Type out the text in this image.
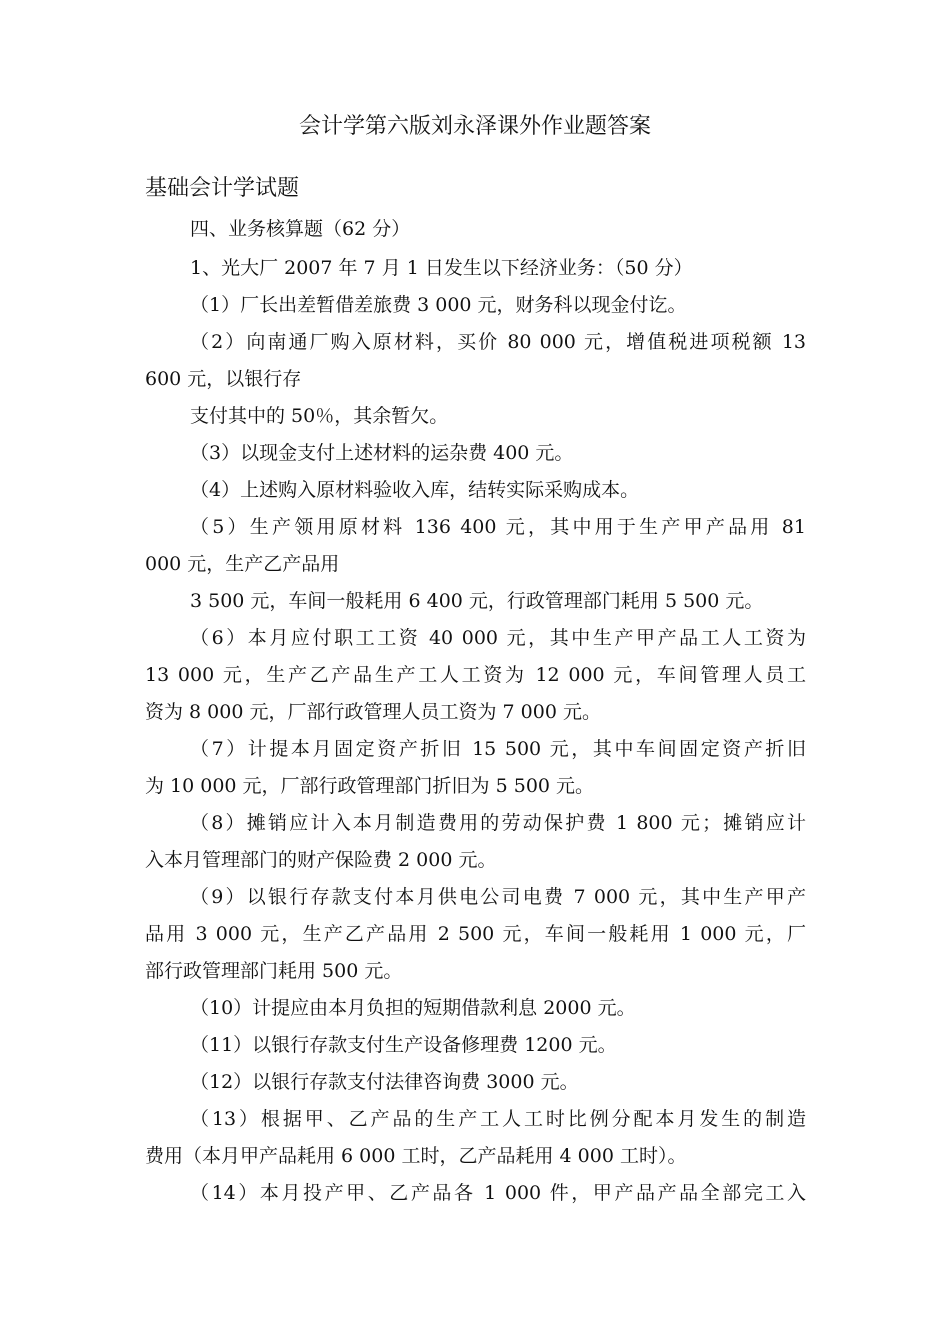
会计学第六版刘永泽课外作业题答案
基础会计学试题
四、业务核算题（62 分）
1、光大厂 2007 年 7 月 1 日发生以下经济业务：（50 分）
（1）厂长出差暂借差旅费 3 000 元，财务科以现金付讫。
（2）向南通厂购入原材料，买价 80 000 元，增值税进项税额 13
600 元，以银行存
支付其中的 50％，其余暂欠。
（3）以现金支付上述材料的运杂费 400 元。
（4）上述购入原材料验收入库，结转实际采购成本。
（5）生产领用原材料 136 400 元，其中用于生产甲产品用 81
000 元，生产乙产品用
3 500 元，车间一般耗用 6 400 元，行政管理部门耗用 5 500 元。
（6）本月应付职工工资 40 000 元，其中生产甲产品工人工资为
13 000 元，生产乙产品生产工人工资为 12 000 元，车间管理人员工
资为 8 000 元，厂部行政管理人员工资为 7 000 元。
（7）计提本月固定资产折旧 15 500 元，其中车间固定资产折旧
为 10 000 元，厂部行政管理部门折旧为 5 500 元。
（8）摊销应计入本月制造费用的劳动保护费 1 800 元；摊销应计
入本月管理部门的财产保险费 2 000 元。
（9）以银行存款支付本月供电公司电费 7 000 元，其中生产甲产
品用 3 000 元，生产乙产品用 2 500 元，车间一般耗用 1 000 元，厂
部行政管理部门耗用 500 元。
（10）计提应由本月负担的短期借款利息 2000 元。
（11）以银行存款支付生产设备修理费 1200 元。
（12）以银行存款支付法律咨询费 3000 元。
（13）根据甲、乙产品的生产工人工时比例分配本月发生的制造
费用（本月甲产品耗用 6 000 工时，乙产品耗用 4 000 工时）。
（14）本月投产甲、乙产品各 1 000 件，甲产品产品全部完工入
